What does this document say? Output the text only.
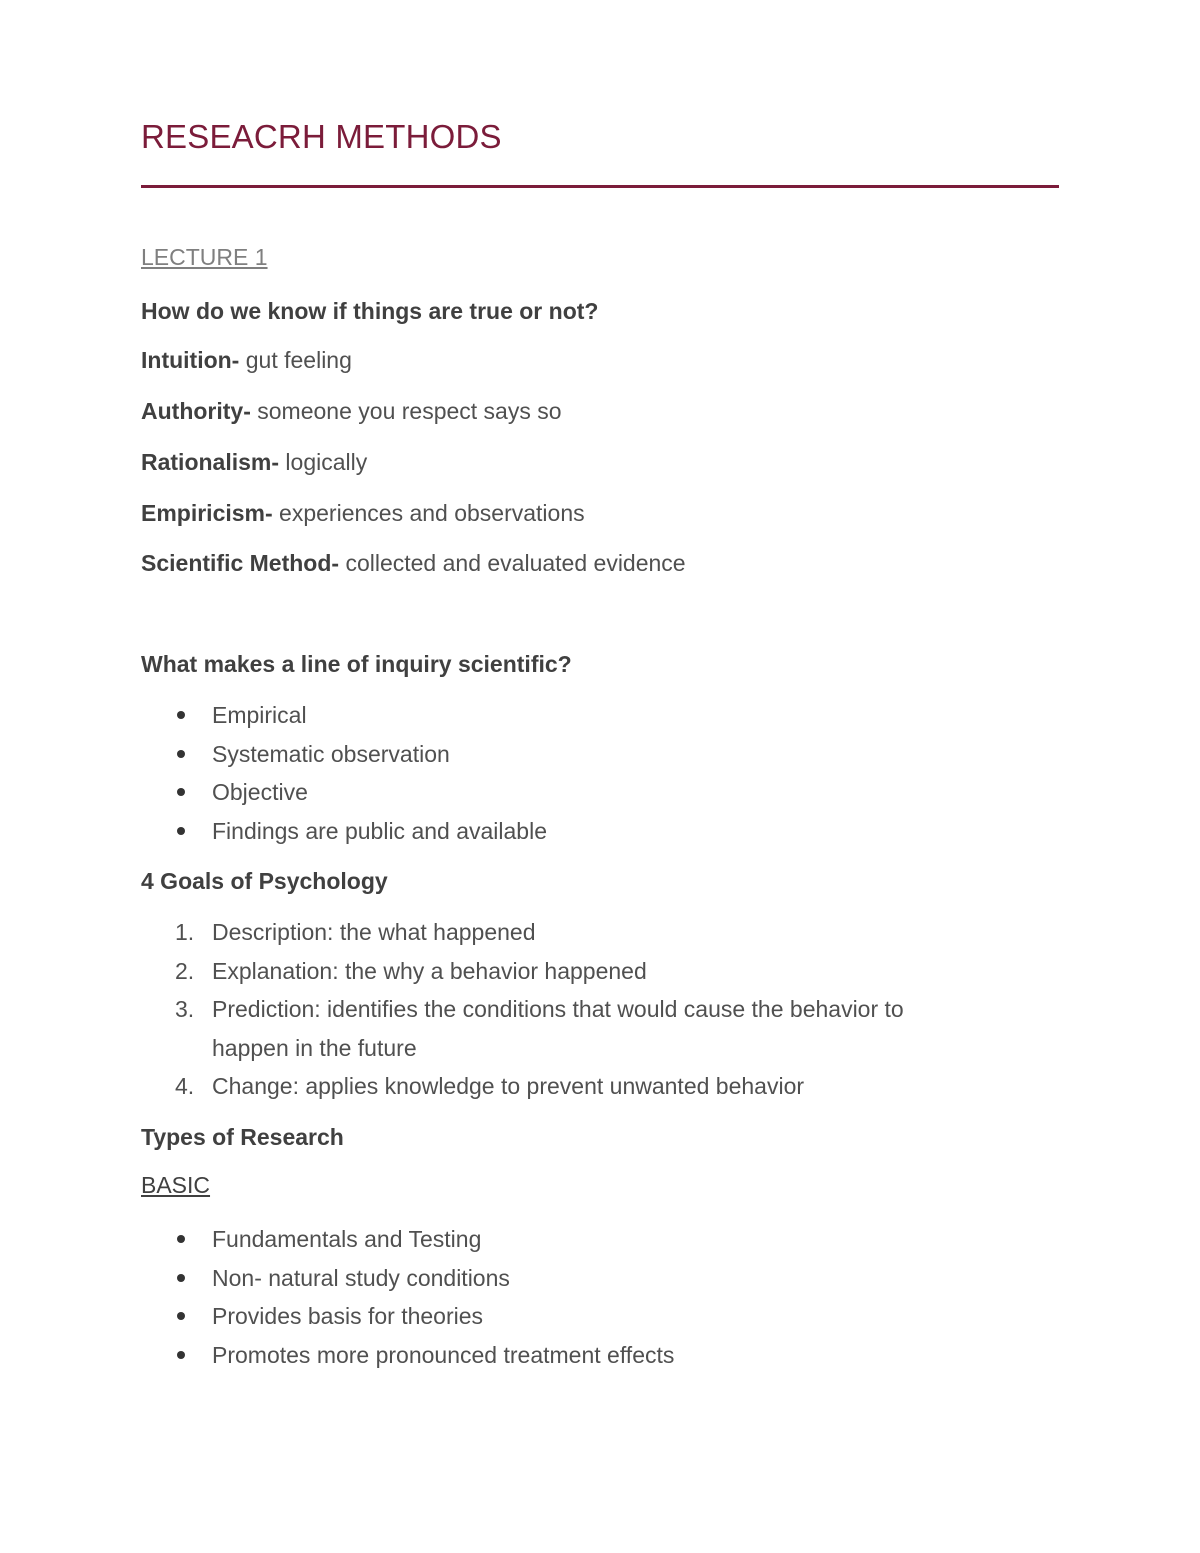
RESEACRH METHODS
LECTURE 1
How do we know if things are true or not?
Intuition- gut feeling
Authority- someone you respect says so
Rationalism- logically
Empiricism- experiences and observations
Scientific Method- collected and evaluated evidence
What makes a line of inquiry scientific?
Empirical
Systematic observation
Objective
Findings are public and available
4 Goals of Psychology
1. Description: the what happened
2. Explanation: the why a behavior happened
3. Prediction: identifies the conditions that would cause the behavior to
happen in the future
4. Change: applies knowledge to prevent unwanted behavior
Types of Research
BASIC
Fundamentals and Testing
Non- natural study conditions
Provides basis for theories
Promotes more pronounced treatment effects
